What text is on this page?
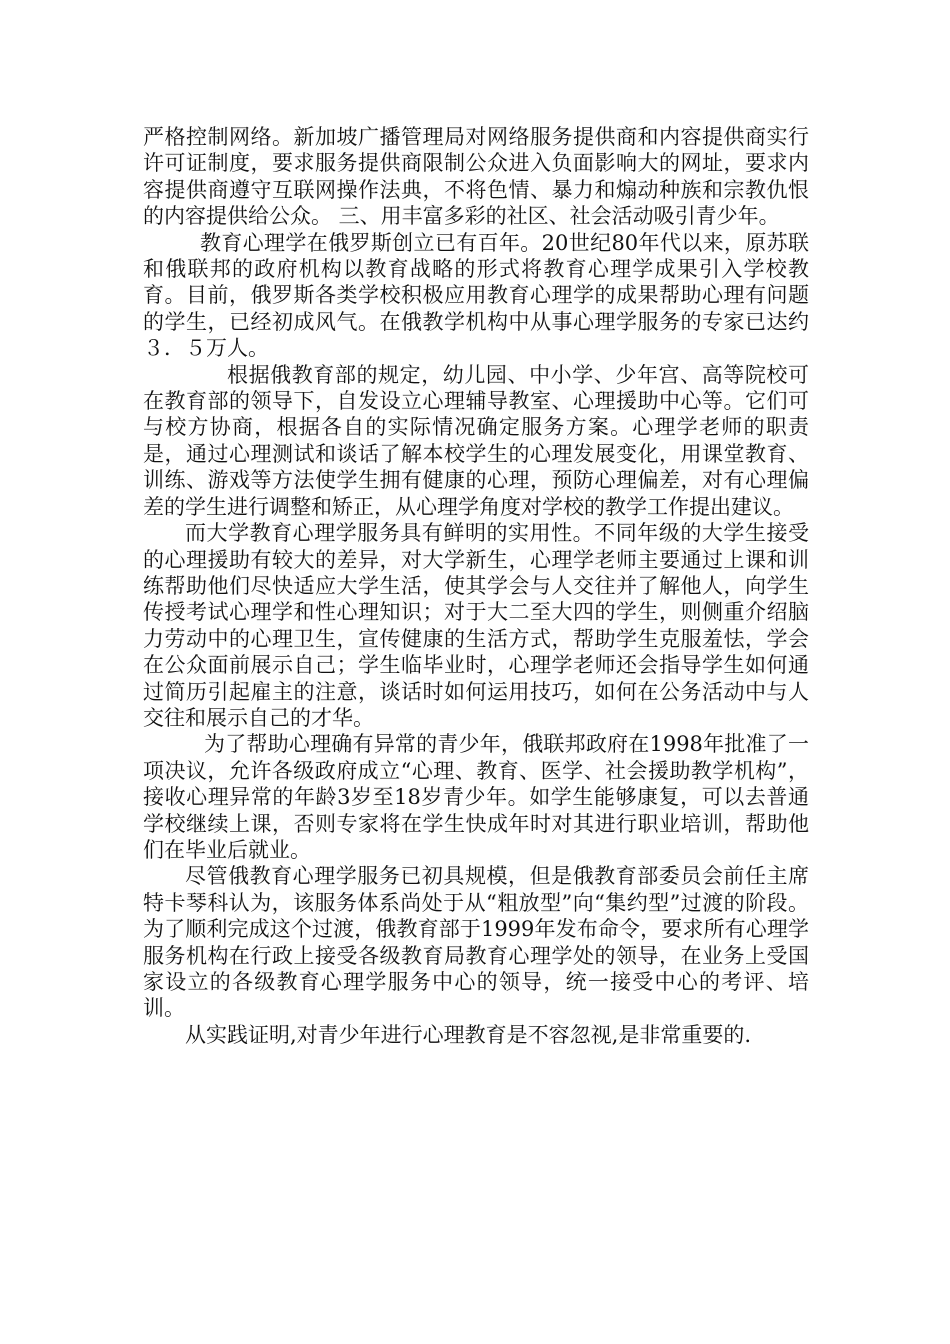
严格控制网络。新加坡广播管理局对网络服务提供商和内容提供商实行许可证制度，要求服务提供商限制公众进入负面影响大的网址，要求内容提供商遵守互联网操作法典，不将色情、暴力和煽动种族和宗教仇恨的内容提供给公众。 三、用丰富多彩的社区、社会活动吸引青少年。

教育心理学在俄罗斯创立已有百年。20世纪80年代以来，原苏联和俄联邦的政府机构以教育战略的形式将教育心理学成果引入学校教育。目前，俄罗斯各类学校积极应用教育心理学的成果帮助心理有问题的学生，已经初成风气。在俄教学机构中从事心理学服务的专家已达约３．５万人。

根据俄教育部的规定，幼儿园、中小学、少年宫、高等院校可在教育部的领导下，自发设立心理辅导教室、心理援助中心等。它们可与校方协商，根据各自的实际情况确定服务方案。心理学老师的职责是，通过心理测试和谈话了解本校学生的心理发展变化，用课堂教育、训练、游戏等方法使学生拥有健康的心理，预防心理偏差，对有心理偏差的学生进行调整和矫正，从心理学角度对学校的教学工作提出建议。

而大学教育心理学服务具有鲜明的实用性。不同年级的大学生接受的心理援助有较大的差异，对大学新生，心理学老师主要通过上课和训练帮助他们尽快适应大学生活，使其学会与人交往并了解他人，向学生传授考试心理学和性心理知识；对于大二至大四的学生，则侧重介绍脑力劳动中的心理卫生，宣传健康的生活方式，帮助学生克服羞怯，学会在公众面前展示自己；学生临毕业时，心理学老师还会指导学生如何通过简历引起雇主的注意，谈话时如何运用技巧，如何在公务活动中与人交往和展示自己的才华。

为了帮助心理确有异常的青少年，俄联邦政府在1998年批准了一项决议，允许各级政府成立“心理、教育、医学、社会援助教学机构”，接收心理异常的年龄3岁至18岁青少年。如学生能够康复，可以去普通学校继续上课，否则专家将在学生快成年时对其进行职业培训，帮助他们在毕业后就业。

尽管俄教育心理学服务已初具规模，但是俄教育部委员会前任主席特卡琴科认为，该服务体系尚处于从“粗放型”向“集约型”过渡的阶段。为了顺利完成这个过渡，俄教育部于1999年发布命令，要求所有心理学服务机构在行政上接受各级教育局教育心理学处的领导，在业务上受国家设立的各级教育心理学服务中心的领导，统一接受中心的考评、培训。

从实践证明,对青少年进行心理教育是不容忽视,是非常重要的.
